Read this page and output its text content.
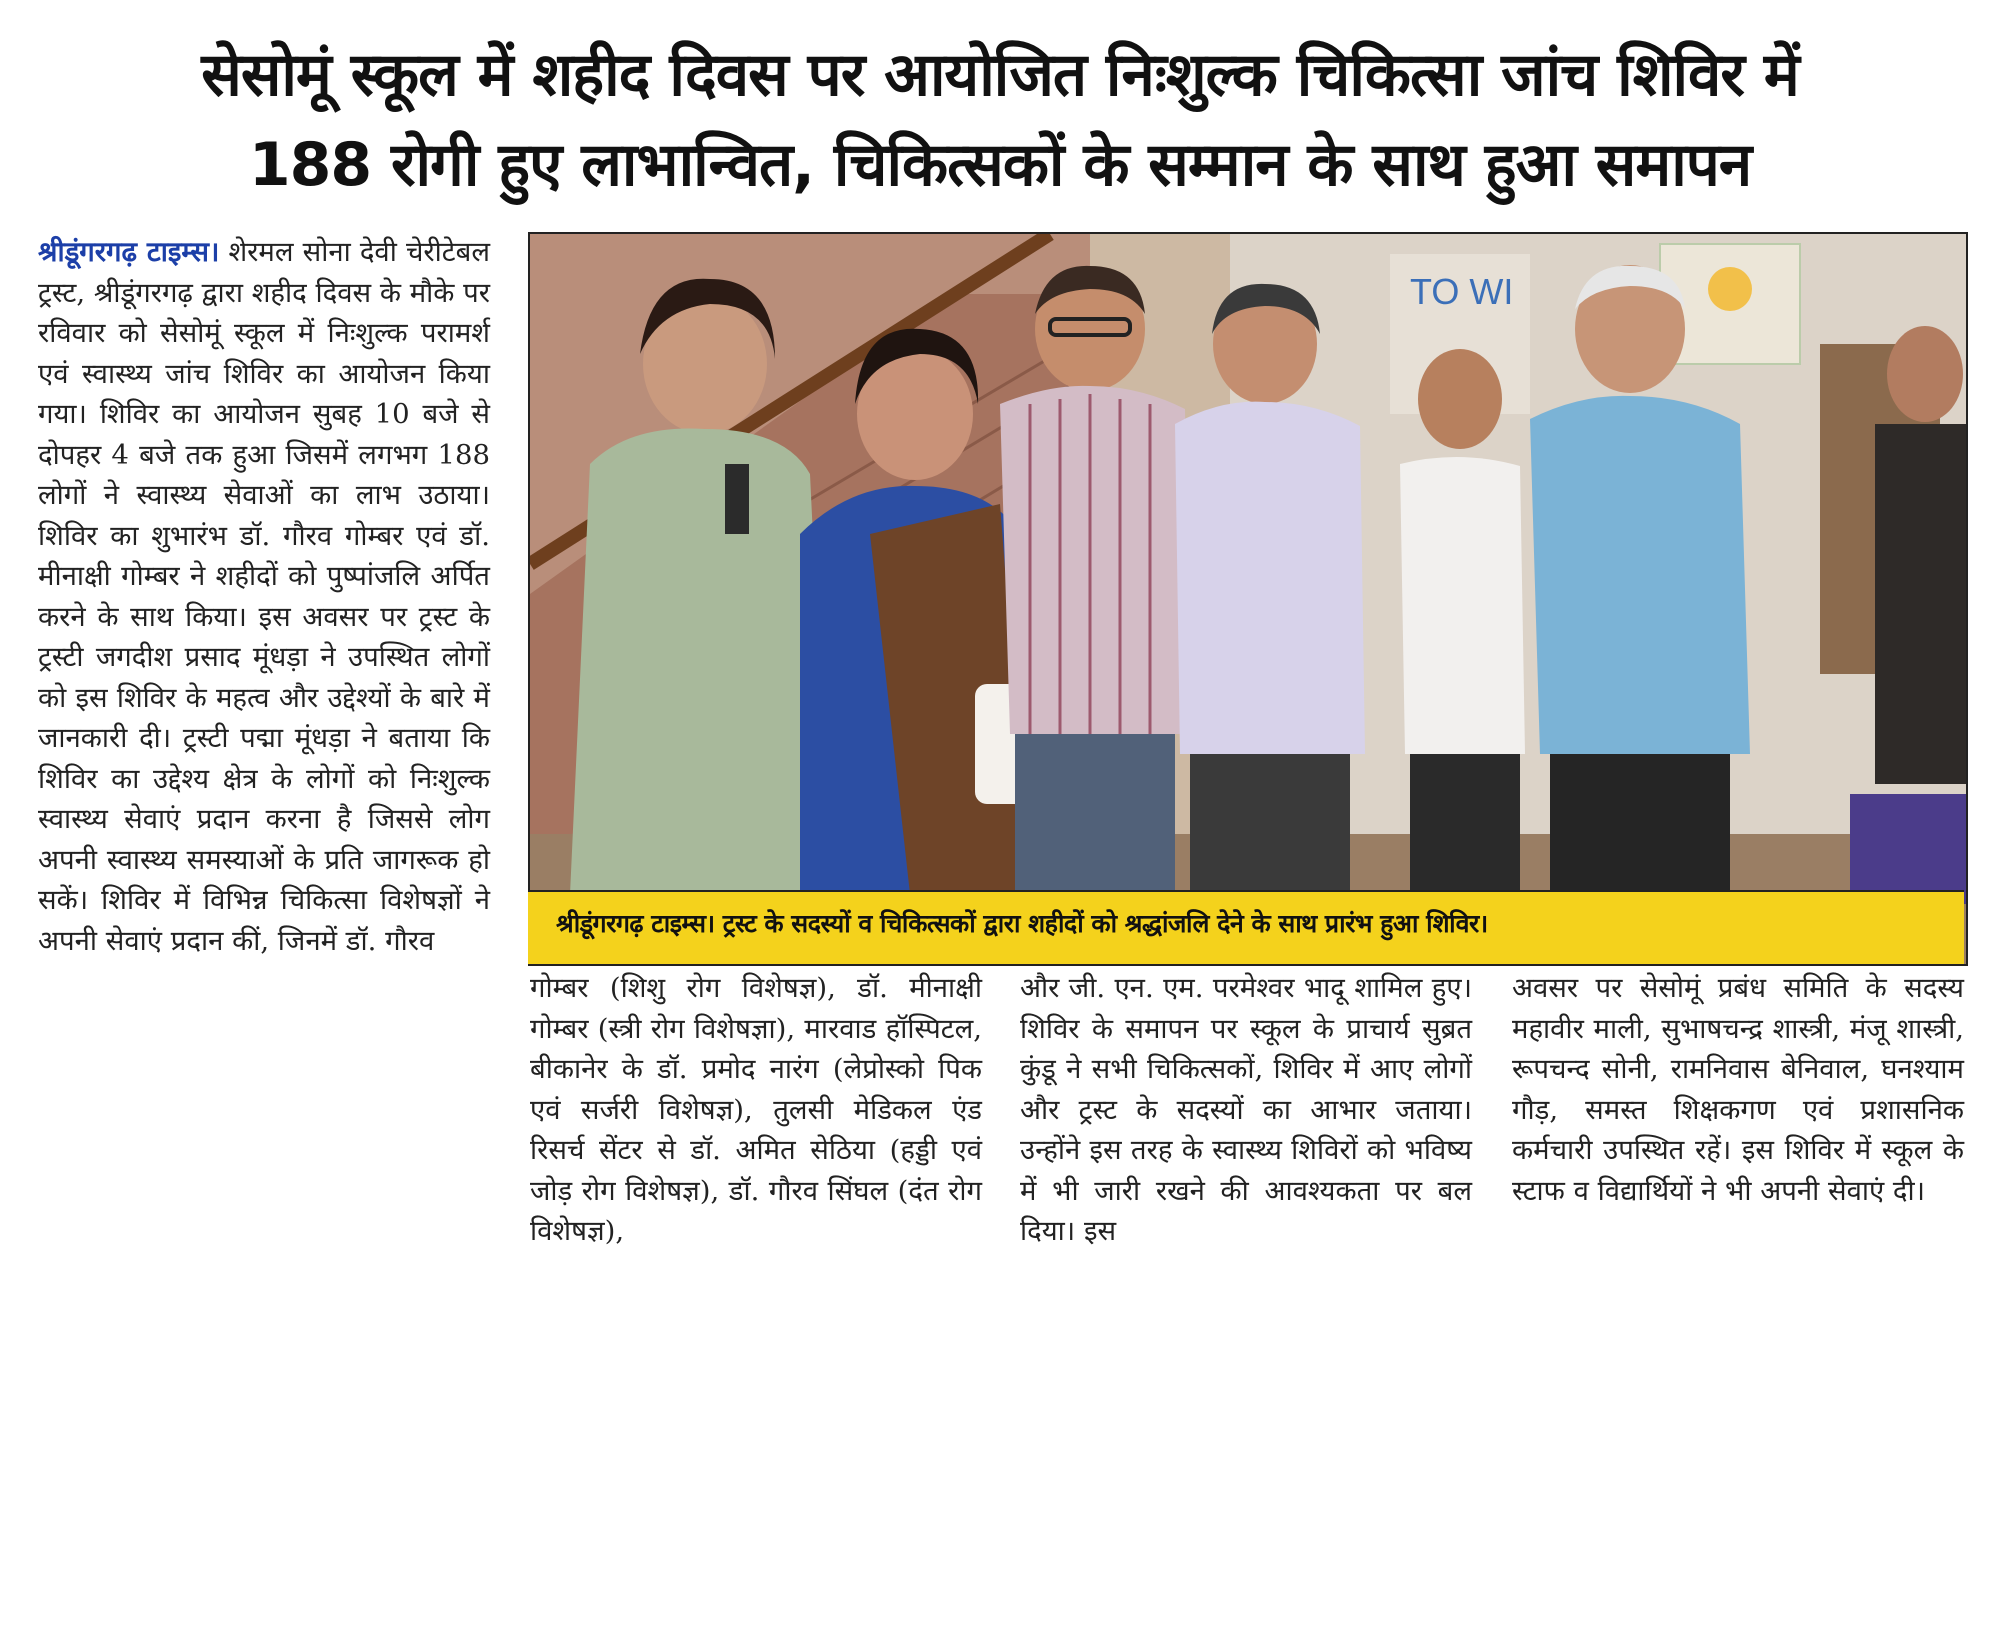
सेसोमूं स्कूल में शहीद दिवस पर आयोजित निःशुल्क चिकित्सा जांच शिविर में
188 रोगी हुए लाभान्वित, चिकित्सकों के सम्मान के साथ हुआ समापन
श्रीडूंगरगढ़ टाइम्स। शेरमल सोना देवी चेरीटेबल ट्रस्ट, श्रीडूंगरगढ़ द्वारा शहीद दिवस के मौके पर रविवार को सेसोमूं स्कूल में निःशुल्क परामर्श एवं स्वास्थ्य जांच शिविर का आयोजन किया गया। शिविर का आयोजन सुबह 10 बजे से दोपहर 4 बजे तक हुआ जिसमें लगभग 188 लोगों ने स्वास्थ्य सेवाओं का लाभ उठाया। शिविर का शुभारंभ डॉ. गौरव गोम्बर एवं डॉ. मीनाक्षी गोम्बर ने शहीदों को पुष्पांजलि अर्पित करने के साथ किया। इस अवसर पर ट्रस्ट के ट्रस्टी जगदीश प्रसाद मूंधड़ा ने उपस्थित लोगों को इस शिविर के महत्व और उद्देश्यों के बारे में जानकारी दी। ट्रस्टी पद्मा मूंधड़ा ने बताया कि शिविर का उद्देश्य क्षेत्र के लोगों को निःशुल्क स्वास्थ्य सेवाएं प्रदान करना है जिससे लोग अपनी स्वास्थ्य समस्याओं के प्रति जागरूक हो सकें। शिविर में विभिन्न चिकित्सा विशेषज्ञों ने अपनी सेवाएं प्रदान कीं, जिनमें डॉ. गौरव
TO WI
श्रीडूंगरगढ़ टाइम्स। ट्रस्ट के सदस्यों व चिकित्सकों द्वारा शहीदों को श्रद्धांजलि देने के साथ प्रारंभ हुआ शिविर।
गोम्बर (शिशु रोग विशेषज्ञ), डॉ. मीनाक्षी गोम्बर (स्त्री रोग विशेषज्ञा), मारवाड हॉस्पिटल, बीकानेर के डॉ. प्रमोद नारंग (लेप्रोस्को पिक एवं सर्जरी विशेषज्ञ), तुलसी मेडिकल एंड रिसर्च सेंटर से डॉ. अमित सेठिया (हड्डी एवं जोड़ रोग विशेषज्ञ), डॉ. गौरव सिंघल (दंत रोग विशेषज्ञ),
और जी. एन. एम. परमेश्वर भादू शामिल हुए। शिविर के समापन पर स्कूल के प्राचार्य सुब्रत कुंडू ने सभी चिकित्सकों, शिविर में आए लोगों और ट्रस्ट के सदस्यों का आभार जताया। उन्होंने इस तरह के स्वास्थ्य शिविरों को भविष्य में भी जारी रखने की आवश्यकता पर बल दिया। इस
अवसर पर सेसोमूं प्रबंध समिति के सदस्य महावीर माली, सुभाषचन्द्र शास्त्री, मंजू शास्त्री, रूपचन्द सोनी, रामनिवास बेनिवाल, घनश्याम गौड़, समस्त शिक्षकगण एवं प्रशासनिक कर्मचारी उपस्थित रहें। इस शिविर में स्कूल के स्टाफ व विद्यार्थियों ने भी अपनी सेवाएं दी।
